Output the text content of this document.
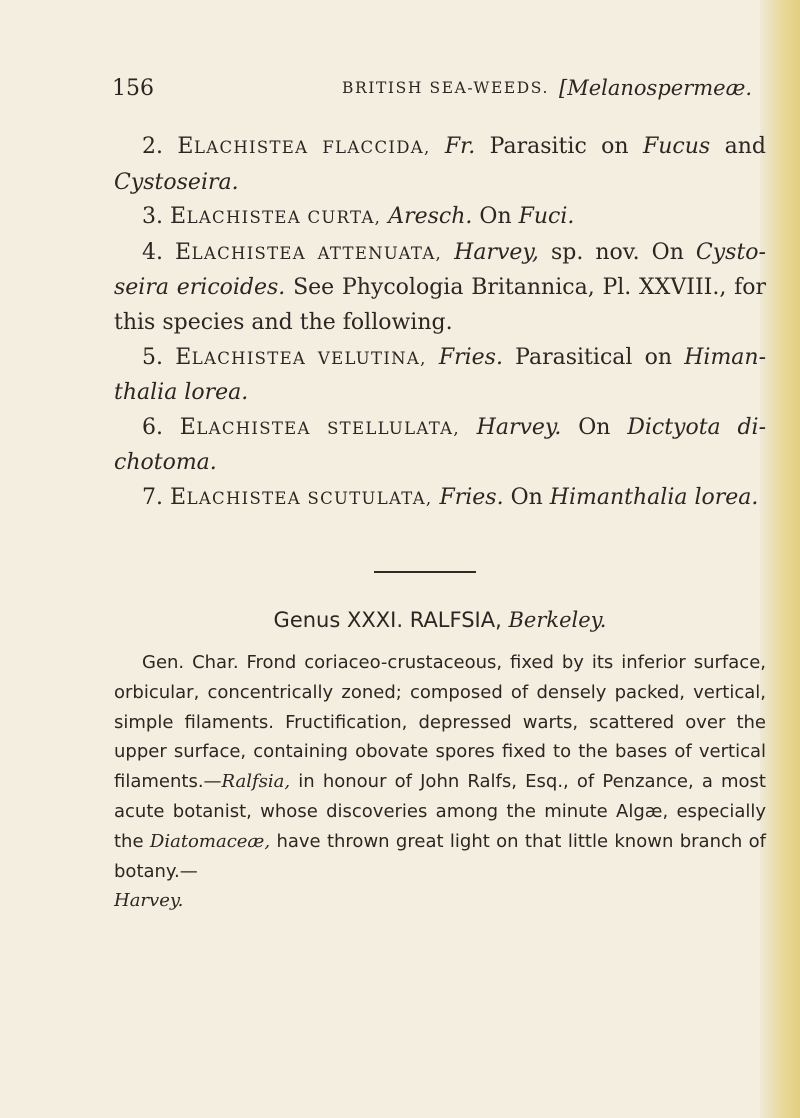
156	BRITISH SEA-WEEDS. [Melanospermeæ.

2. ELACHISTEA FLACCIDA, Fr. Parasitic on Fucus and Cystoseira.

3. ELACHISTEA CURTA, Aresch. On Fuci.

4. ELACHISTEA ATTENUATA, Harvey, sp. nov. On Cysto-seira ericoides. See Phycologia Britannica, Pl. XXVIII., for this species and the following.

5. ELACHISTEA VELUTINA, Fries. Parasitical on Himan-thalia lorea.

6. ELACHISTEA STELLULATA, Harvey. On Dictyota di-chotoma.

7. ELACHISTEA SCUTULATA, Fries. On Himanthalia lorea.

Genus XXXI. RALFSIA, Berkeley.

Gen. Char. Frond coriaceo-crustaceous, fixed by its inferior surface, orbicular, concentrically zoned; composed of densely packed, vertical, simple filaments. Fructification, depressed warts, scattered over the upper surface, containing obovate spores fixed to the bases of vertical filaments.—Ralfsia, in honour of John Ralfs, Esq., of Penzance, a most acute botanist, whose discoveries among the minute Algæ, especially the Diatomaceæ, have thrown great light on that little known branch of botany.—
Harvey.
